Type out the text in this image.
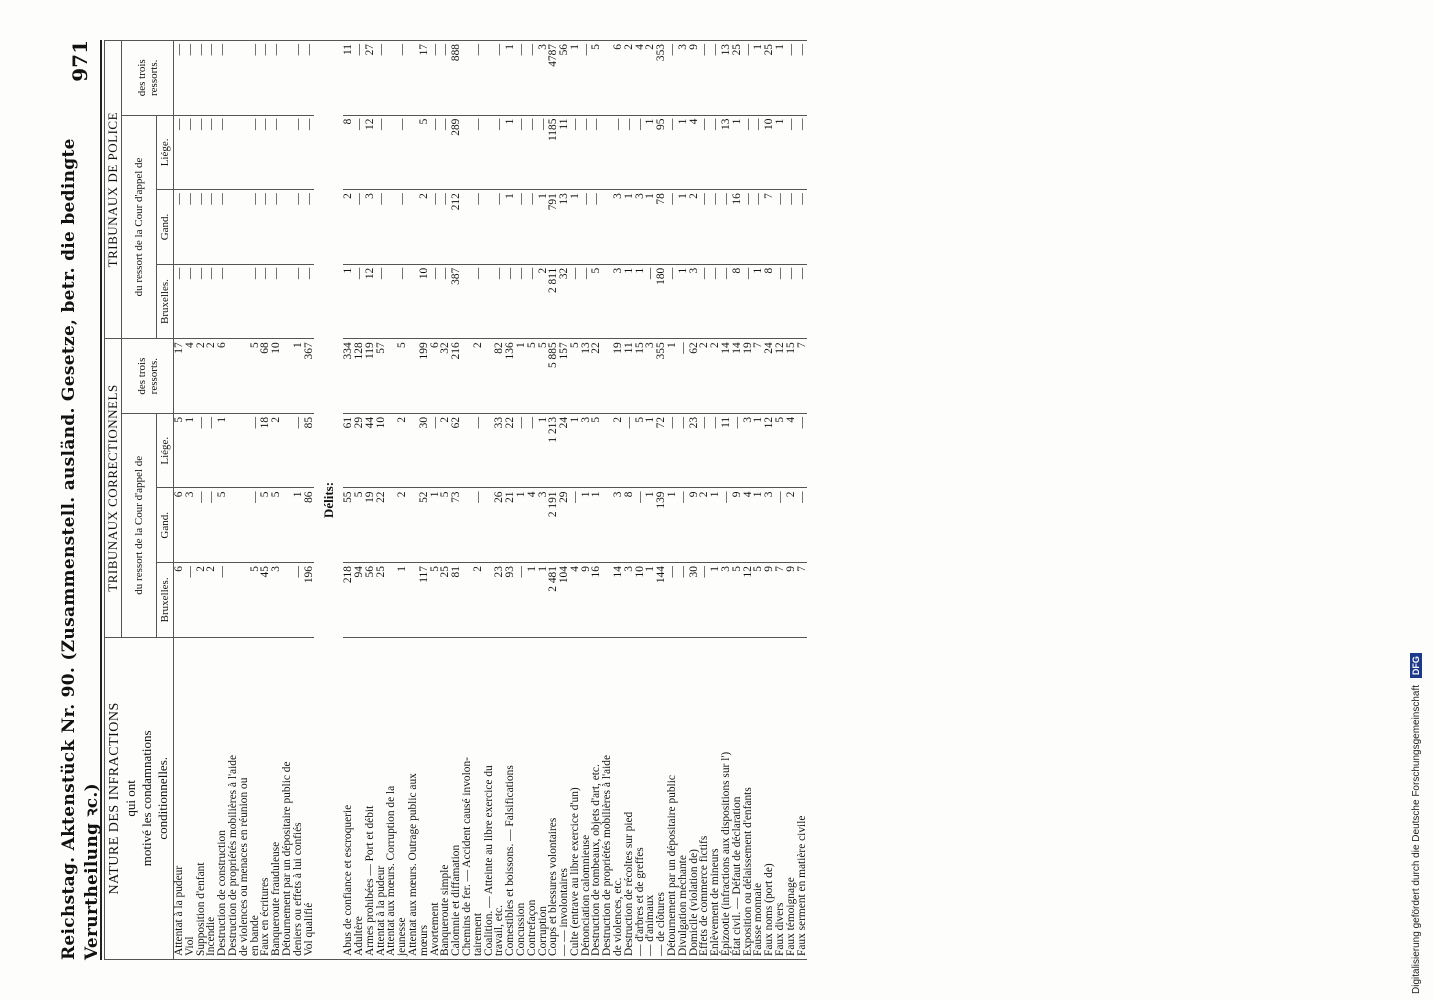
Reichstag. Aktenstück Nr. 90. (Zusammenstell. ausländ. Gesetze, betr. die bedingte Verurtheilung ꝛc.)
971
NATURE DES INFRACTIONS qui ont motivé les condamnations conditionnelles.	TRIBUNAUX CORRECTIONNELS				TRIBUNAUX DE POLICE			
	du ressort de la Cour d'appel de			des trois ressorts.	du ressort de la Cour d'appel de			des trois ressorts.
	Bruxelles.	Gand.	Liége.		Bruxelles.	Gand.	Liége.	
Attentat à la pudeur	6	6	5	17	—	—	—	—
Viol	—	3	1	4	—	—	—	—
Supposition d'enfant	2	—	—	2	—	—	—	—
Incendie	2	—	—	2	—	—	—	—
Destruction de construction	—	5	1	6	—	—	—	—
Destruction de propriétés mobilières à l'aide								
de violences ou menaces en réunion ou								
en bande	5	—	—	5	—	—	—	—
Faux en écritures	45	5	18	68	—	—	—	—
Banqueroute frauduleuse	3	5	2	10	—	—	—	—
Détournement par un dépositaire public de								
deniers ou effets à lui confiés	—	1	—	1	—	—	—	—
Vol qualifié	196	86	85	367	—	—	—	—
Délits:								
Abus de confiance et escroquerie	218	55	61	334	1	2	8	11
Adultère	94	5	29	128	—	—	—	—
Armes prohibées — Port et débit	56	19	44	119	12	3	12	27
Attentat à la pudeur	25	22	10	57	—	—	—	—
Attentat aux mœurs. Corruption de la								
jeunesse	1	2	2	5	—	—	—	—
Attentat aux mœurs. Outrage public aux								
mœurs	117	52	30	199	10	2	5	17
Avortement	5	1	—	6	—	—	—	—
Banqueroute simple	25	5	2	32	—	—	—	—
Calomnie et diffamation	81	73	62	216	387	212	289	888
Chemins de fer. — Accident causé involon-								
tairement	2	—	—	2	—	—	—	—
Coalition. — Atteinte au libre exercice du								
travail, etc.	23	26	33	82	—	—	—	—
Comestibles et boissons. — Falsifications	93	21	22	136	—	1	1	1
Concussion	—	1	—	1	—	—	—	—
Contrefaçon	1	4	—	5	—	—	—	—
Corruption	1	3	1	5	2	1	—	3
Coups et blessures volontaires	2 481	2 191	1 213	5 885	2 811	791	1185	4787
— — involontaires	104	29	24	157	32	13	11	56
Culte (entrave au libre exercice d'un)	4	—	1	5	—	1	—	1
Dénonciation calomnieuse	9	1	3	13	—	—	—	—
Destruction de tombeaux, objets d'art, etc.	16	1	5	22	5	—	—	5
Destruction de propriétés mobilières à l'aide								
de violences, etc.	14	3	2	19	3	3	—	6
Destruction de récoltes sur pied	3	8	—	11	1	1	—	2
— d'arbres et de greffes	10	—	5	15	1	3	—	4
— d'animaux	1	1	1	3	—	1	1	2
— de clôtures	144	139	72	355	180	78	95	353
Détournement par un dépositaire public	—	1	—	1	—	—	—	—
Divulgation méchante	—	—	—	—	1	1	1	3
Domicile (violation de)	30	9	23	62	3	2	4	9
Effets de commerce fictifs	—	2	—	2	—	—	—	—
Enlèvement de mineurs	1	1	—	2	—	—	—	—
Épizootie (infractions aux dispositions sur l')	3	—	11	14	—	—	13	13
État civil. — Défaut de déclaration	5	9	—	14	8	16	1	25
Exposition ou délaissement d'enfants	12	4	3	19	—	—	—	—
Fausse monnaie	5	1	1	7	1	—	—	1
Faux noms (port de)	9	3	12	24	8	7	10	25
Faux divers	7	—	5	12	—	—	1	1
Faux témoignage	9	2	4	15	—	—	—	—
Faux serment en matière civile	7	—	—	7	—	—	—	—
Digitalisierung gefördert durch die Deutsche Forschungsgemeinschaft DFG
